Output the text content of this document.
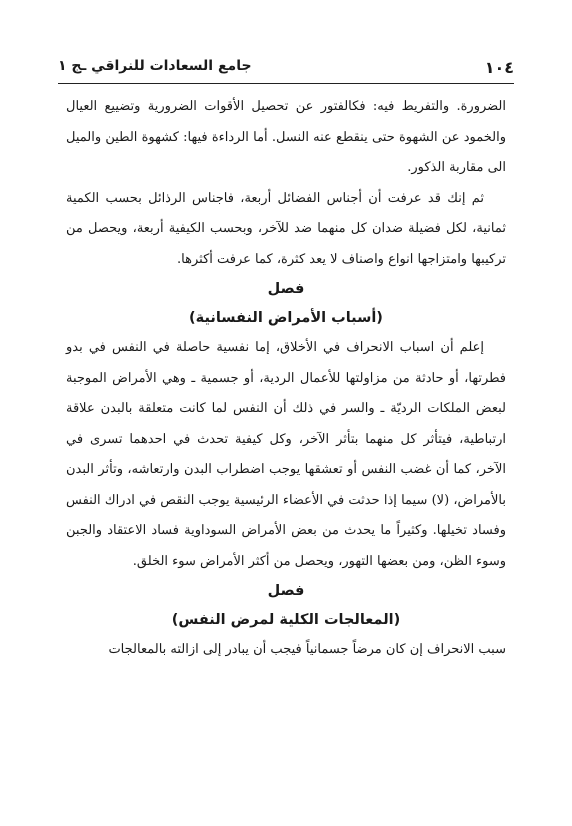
١٠٤
جامع السعادات للنراقي ـج ١

الضرورة. والتفريط فيه: فكالفتور عن تحصيل الأقوات الضرورية وتضييع العيال والخمود عن الشهوة حتى ينقطع عنه النسل. أما الرداءة فيها: كشهوة الطين والميل الى مقاربة الذكور.

ثم إنك قد عرفت أن أجناس الفضائل أربعة، فاجناس الرذائل بحسب الكمية ثمانية، لكل فضيلة ضدان كل منهما ضد للآخر، وبحسب الكيفية أربعة، ويحصل من تركيبها وامتزاجها انواع واصناف لا يعد كثرة، كما عرفت أكثرها.

فصل

(أسباب الأمراض النفسانية)

إعلم أن اسباب الانحراف في الأخلاق، إما نفسية حاصلة في النفس في بدو فطرتها، أو حادثة من مزاولتها للأعمال الردية، أو جسمية ـ وهي الأمراض الموجبة لبعض الملكات الرديّة ـ والسر في ذلك أن النفس لما كانت متعلقة بالبدن علاقة ارتباطية، فيتأثر كل منهما بتأثر الآخر، وكل كيفية تحدث في احدهما تسرى في الآخر، كما أن غضب النفس أو تعشقها يوجب اضطراب البدن وارتعاشه، وتأثر البدن بالأمراض، (لا) سيما إذا حدثت في الأعضاء الرئيسية يوجب النقص في ادراك النفس وفساد تخيلها. وكثيراً ما يحدث من بعض الأمراض السوداوية فساد الاعتقاد والجبن وسوء الظن، ومن بعضها التهور، ويحصل من أكثر الأمراض سوء الخلق.

فصل

(المعالجات الكلية لمرض النفس)

سبب الانحراف إن كان مرضاً جسمانياً فيجب أن يبادر إلى ازالته بالمعالجات
